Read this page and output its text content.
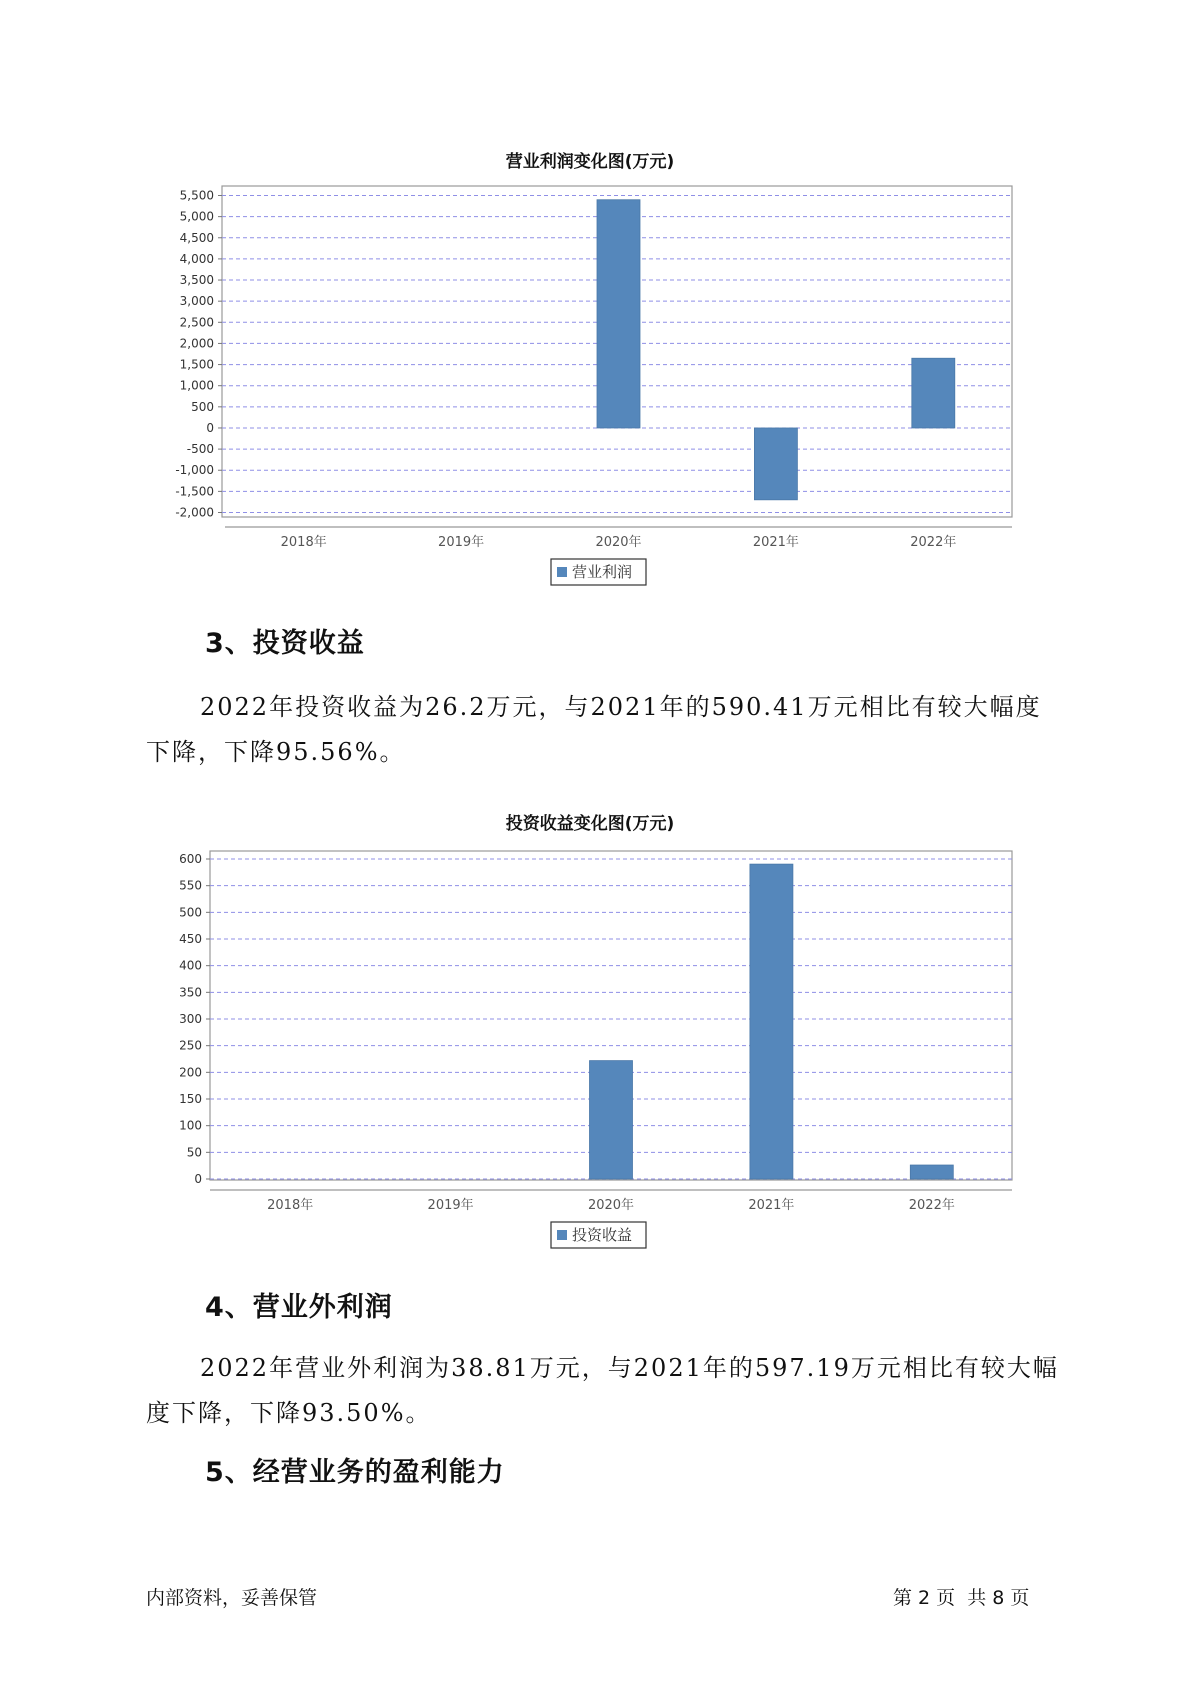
营业利润变化图(万元)
5,500
5,000
4,500
4,000
3,500
3,000
2,500
2,000
1,500
1,000
500
0
-500
-1,000
-1,500
-2,000
2018年	2019年	2020年	2021年	2022年
营业利润
3、投资收益
2022年投资收益为26.2万元，与2021年的590.41万元相比有较大幅度下降，下降95.56%。
投资收益变化图(万元)
600
550
500
450
400
350
300
250
200
150
100
50
0
2018年	2019年	2020年	2021年	2022年
投资收益
4、营业外利润
2022年营业外利润为38.81万元，与2021年的597.19万元相比有较大幅度下降，下降93.50%。
5、经营业务的盈利能力
内部资料，妥善保管	第 2 页  共 8 页
